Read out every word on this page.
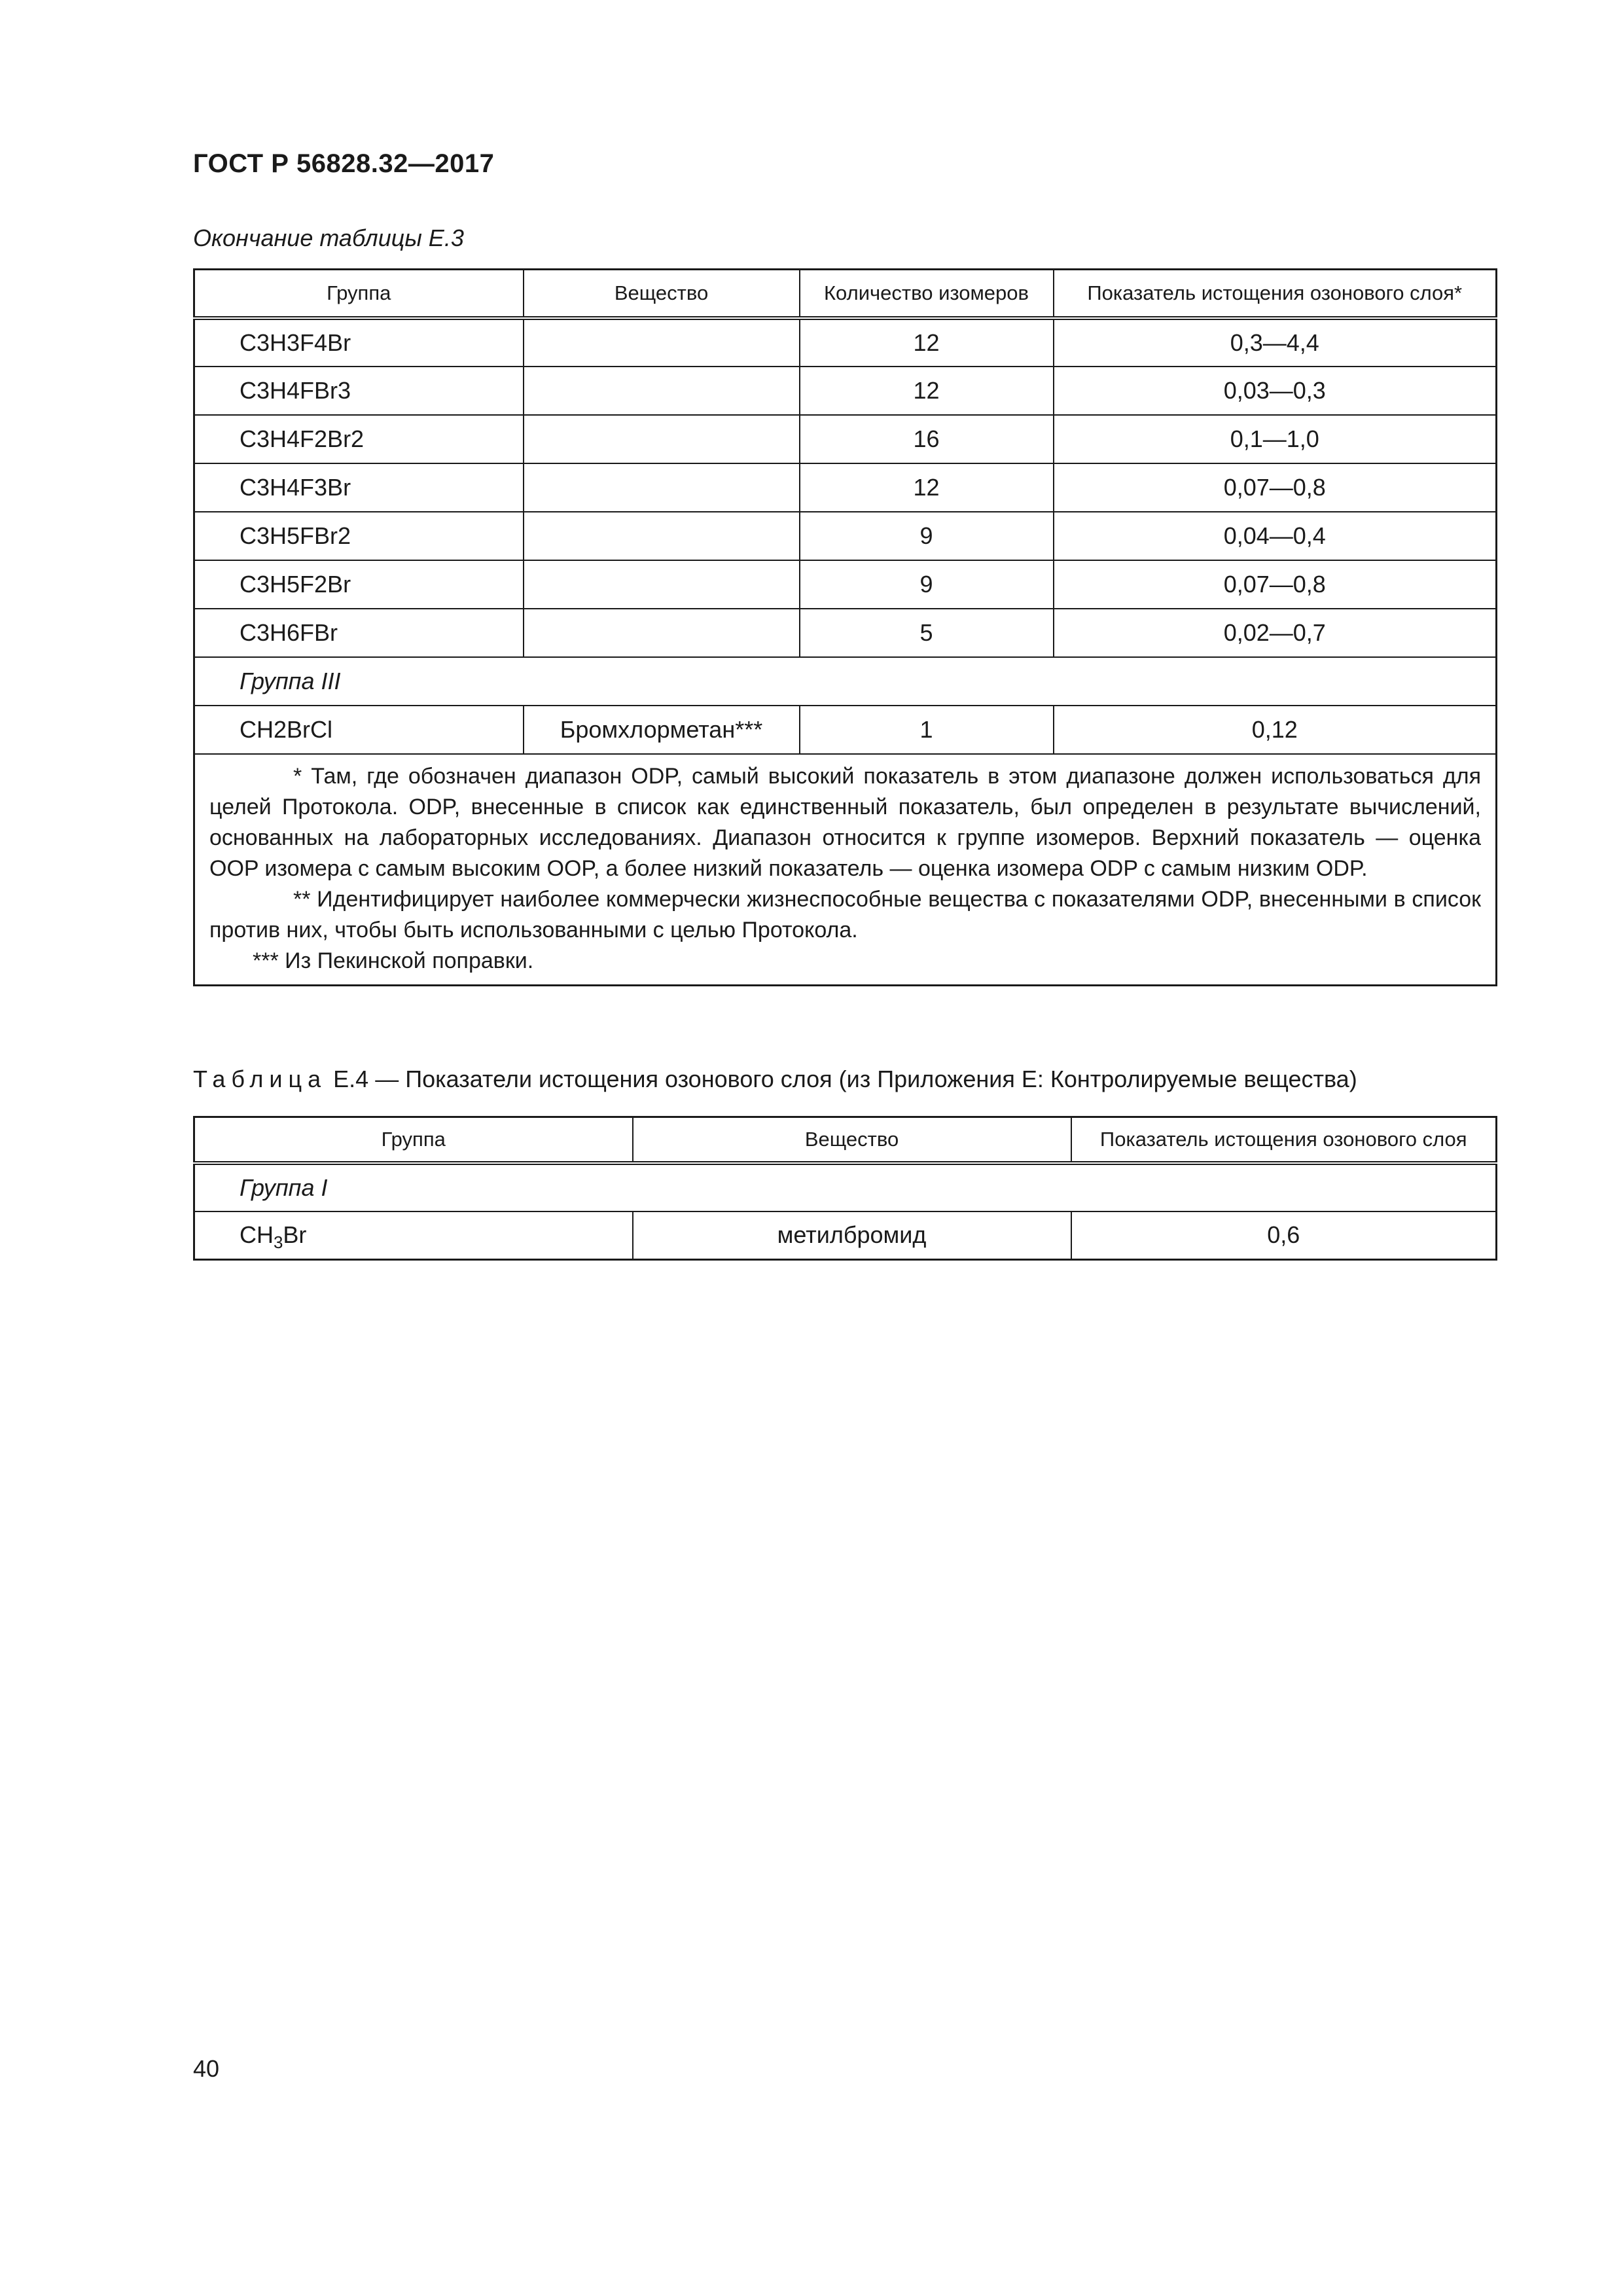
ГОСТ Р 56828.32—2017
Окончание таблицы Е.3
Группа	Вещество	Количество изомеров	Показатель истощения озонового слоя*
C3H3F4Br		12	0,3—4,4
C3H4FBr3		12	0,03—0,3
C3H4F2Br2		16	0,1—1,0
C3H4F3Br		12	0,07—0,8
C3H5FBr2		9	0,04—0,4
C3H5F2Br		9	0,07—0,8
C3H6FBr		5	0,02—0,7
Группа III			
CH2BrCl	Бромхлорметан***	1	0,12

* Там, где обозначен диапазон ODP, самый высокий показатель в этом диапазоне должен использоваться для целей Протокола. ODP, внесенные в список как единственный показатель, был определен в результате вычислений, основанных на лабораторных исследованиях. Диапазон относится к группе изомеров. Верхний показатель — оценка OOP изомера с самым высоким OOP, а более низкий показатель — оценка изомера ODP с самым низким ODP.
** Идентифицирует наиболее коммерчески жизнеспособные вещества с показателями ODP, внесенными в список против них, чтобы быть использованными с целью Протокола.
*** Из Пекинской поправки.			
Таблица Е.4 — Показатели истощения озонового слоя (из Приложения Е: Контролируемые вещества)
Группа	Вещество	Показатель истощения озонового слоя
Группа I		
$CH_3Br$	метилбромид	0,6
40
